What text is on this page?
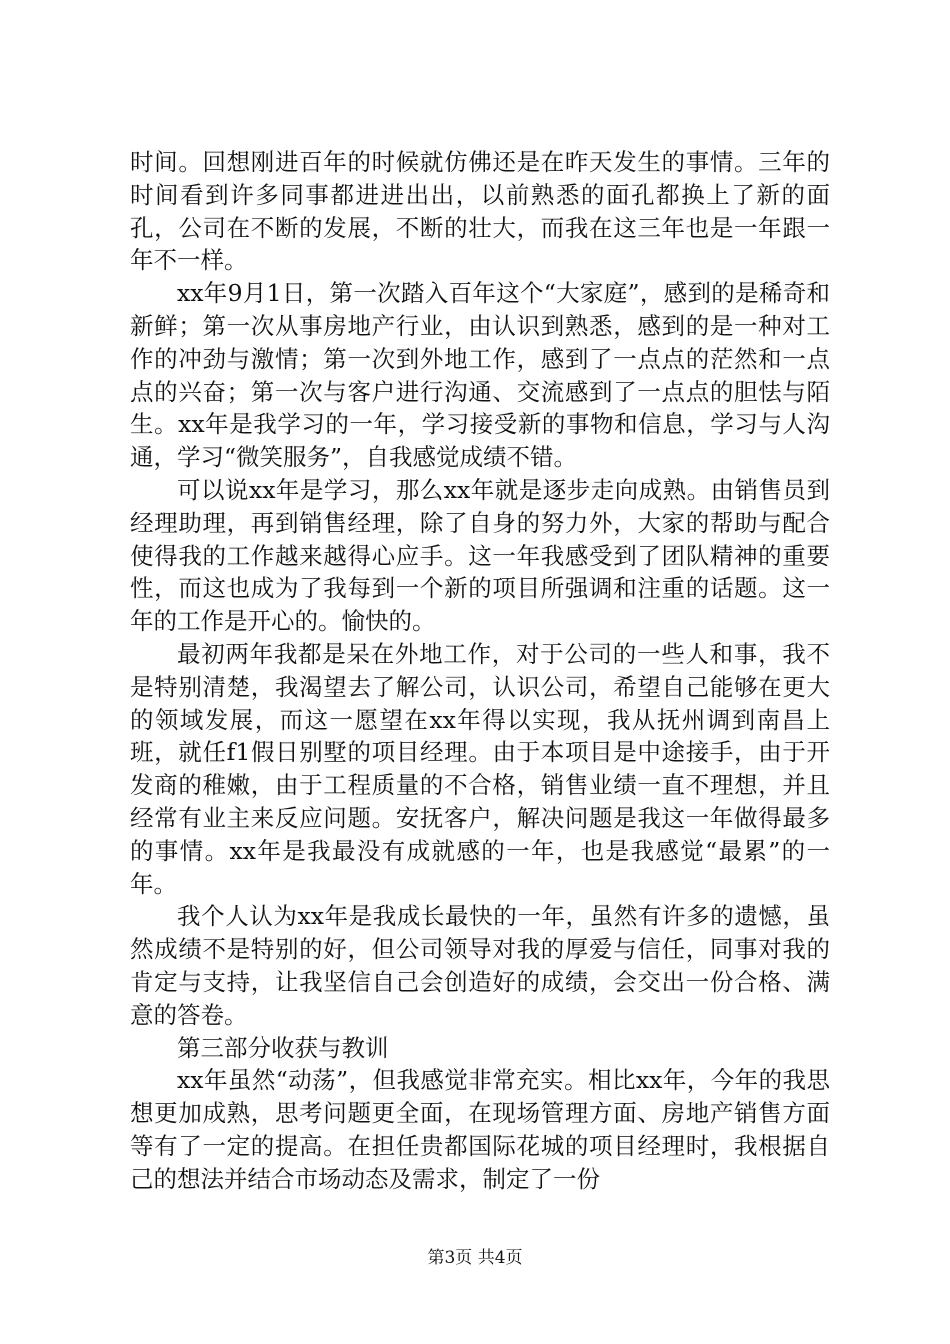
时间。回想刚进百年的时候就仿佛还是在昨天发生的事情。三年的时间看到许多同事都进进出出，以前熟悉的面孔都换上了新的面孔，公司在不断的发展，不断的壮大，而我在这三年也是一年跟一年不一样。

xx年9月1日，第一次踏入百年这个“大家庭”，感到的是稀奇和新鲜；第一次从事房地产行业，由认识到熟悉，感到的是一种对工作的冲劲与激情；第一次到外地工作，感到了一点点的茫然和一点点的兴奋；第一次与客户进行沟通、交流感到了一点点的胆怯与陌生。xx年是我学习的一年，学习接受新的事物和信息，学习与人沟通，学习“微笑服务”，自我感觉成绩不错。

可以说xx年是学习，那么xx年就是逐步走向成熟。由销售员到经理助理，再到销售经理，除了自身的努力外，大家的帮助与配合使得我的工作越来越得心应手。这一年我感受到了团队精神的重要性，而这也成为了我每到一个新的项目所强调和注重的话题。这一年的工作是开心的。愉快的。

最初两年我都是呆在外地工作，对于公司的一些人和事，我不是特别清楚，我渴望去了解公司，认识公司，希望自己能够在更大的领域发展，而这一愿望在xx年得以实现，我从抚州调到南昌上班，就任f1假日别墅的项目经理。由于本项目是中途接手，由于开发商的稚嫩，由于工程质量的不合格，销售业绩一直不理想，并且经常有业主来反应问题。安抚客户，解决问题是我这一年做得最多的事情。xx年是我最没有成就感的一年，也是我感觉“最累”的一年。

我个人认为xx年是我成长最快的一年，虽然有许多的遗憾，虽然成绩不是特别的好，但公司领导对我的厚爱与信任，同事对我的肯定与支持，让我坚信自己会创造好的成绩，会交出一份合格、满意的答卷。

第三部分收获与教训

xx年虽然“动荡”，但我感觉非常充实。相比xx年，今年的我思想更加成熟，思考问题更全面，在现场管理方面、房地产销售方面等有了一定的提高。在担任贵都国际花城的项目经理时，我根据自己的想法并结合市场动态及需求，制定了一份

第3页 共4页
